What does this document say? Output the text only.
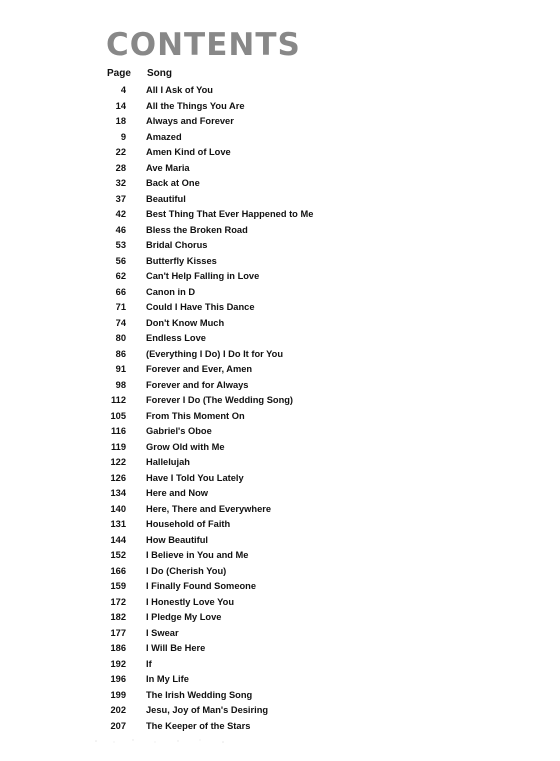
CONTENTS
Page Song
4 All I Ask of You
14 All the Things You Are
18 Always and Forever
9 Amazed
22 Amen Kind of Love
28 Ave Maria
32 Back at One
37 Beautiful
42 Best Thing That Ever Happened to Me
46 Bless the Broken Road
53 Bridal Chorus
56 Butterfly Kisses
62 Can't Help Falling in Love
66 Canon in D
71 Could I Have This Dance
74 Don't Know Much
80 Endless Love
86 (Everything I Do) I Do It for You
91 Forever and Ever, Amen
98 Forever and for Always
112 Forever I Do (The Wedding Song)
105 From This Moment On
116 Gabriel's Oboe
119 Grow Old with Me
122 Hallelujah
126 Have I Told You Lately
134 Here and Now
140 Here, There and Everywhere
131 Household of Faith
144 How Beautiful
152 I Believe in You and Me
166 I Do (Cherish You)
159 I Finally Found Someone
172 I Honestly Love You
182 I Pledge My Love
177 I Swear
186 I Will Be Here
192 If
196 In My Life
199 The Irish Wedding Song
202 Jesu, Joy of Man's Desiring
207 The Keeper of the Stars
